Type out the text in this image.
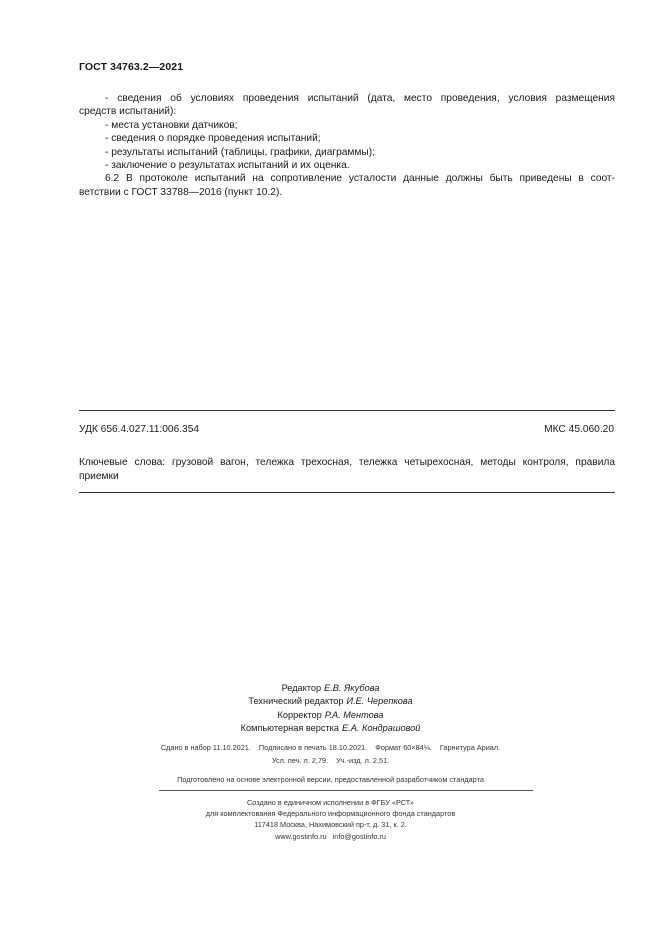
ГОСТ 34763.2—2021

- сведения об условиях проведения испытаний (дата, место проведения, условия размещения

средств испытаний):

- места установки датчиков;

- сведения о порядке проведения испытаний;

- результаты испытаний (таблицы, графики, диаграммы);

- заключение о результатах испытаний и их оценка.

6.2 В протоколе испытаний на сопротивление усталости данные должны быть приведены в соот-

ветствии с ГОСТ 33788—2016 (пункт 10.2).

УДК 656.4.027.11:006.354	МКС 45.060.20
Ключевые слова: грузовой вагон, тележка трехосная, тележка четырехосная, методы контроля, правила
приемки
Редактор Е.В. Якубова
Технический редактор И.Е. Черепкова
Корректор Р.А. Ментова
Компьютерная верстка Е.А. Кондрашовой
Сдано в набор 11.10.2021. Подписано в печать 18.10.2021. Формат 60×84⅛. Гарнитура Ариал.
Усл. печ. л. 2,79. Уч.-изд. л. 2,51.
Подготовлено на основе электронной версии, предоставленной разработчиком стандарта
Создано в единичном исполнении в ФГБУ «РСТ»
для комплектования Федерального информационного фонда стандартов
117418 Москва, Нахимовский пр-т, д. 31, к. 2.
www.gostinfo.ru info@gostinfo.ru
